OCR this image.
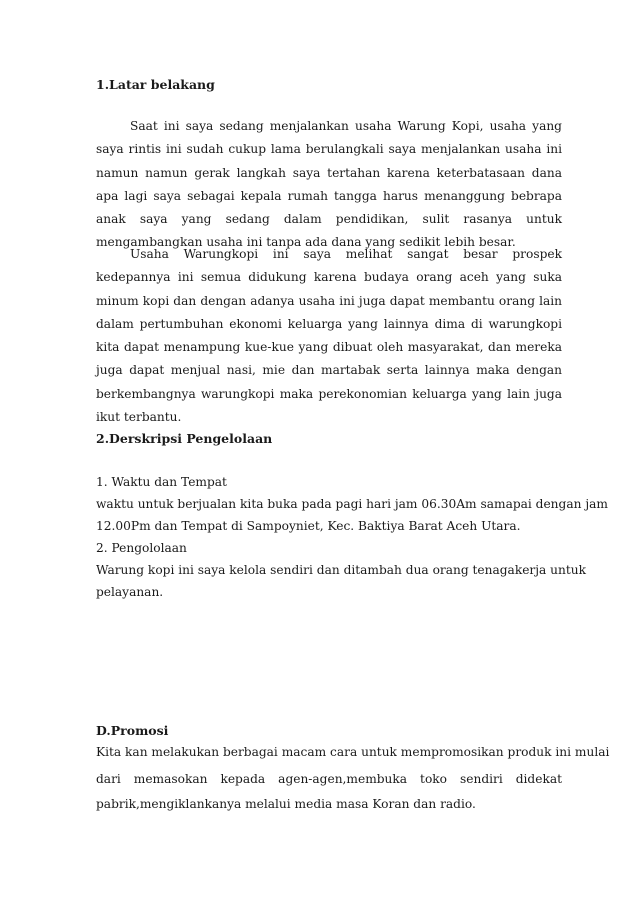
1.Latar belakang

Saat ini saya sedang menjalankan usaha Warung Kopi, usaha yang saya rintis ini sudah cukup lama berulangkali saya menjalankan usaha ini namun namun gerak langkah saya tertahan karena keterbatasaan dana apa lagi saya sebagai kepala rumah tangga harus menanggung bebrapa anak saya yang sedang dalam pendidikan, sulit rasanya untuk mengambangkan usaha ini tanpa ada dana yang sedikit lebih besar.

Usaha Warungkopi ini saya melihat sangat besar prospek kedepannya ini semua didukung karena budaya orang aceh yang suka minum kopi dan dengan adanya usaha ini juga dapat membantu orang lain dalam pertumbuhan ekonomi keluarga yang lainnya dima di warungkopi kita dapat menampung kue-kue yang dibuat oleh masyarakat, dan mereka juga dapat menjual nasi, mie dan martabak serta lainnya maka dengan berkembangnya warungkopi maka perekonomian keluarga yang lain juga ikut terbantu.

2.Derskripsi Pengelolaan
1. Waktu dan Tempat
waktu untuk berjualan kita buka pada pagi hari jam 06.30Am samapai dengan jam
12.00Pm dan Tempat di Sampoyniet, Kec. Baktiya Barat Aceh Utara.
2. Pengololaan
Warung kopi ini saya kelola sendiri dan ditambah dua orang tenagakerja untuk
pelayanan.
D.Promosi
Kita kan melakukan berbagai macam cara untuk mempromosikan produk ini mulai
dari memasokan kepada agen-agen,membuka toko sendiri didekat
pabrik,mengiklankanya melalui media masa Koran dan radio.
